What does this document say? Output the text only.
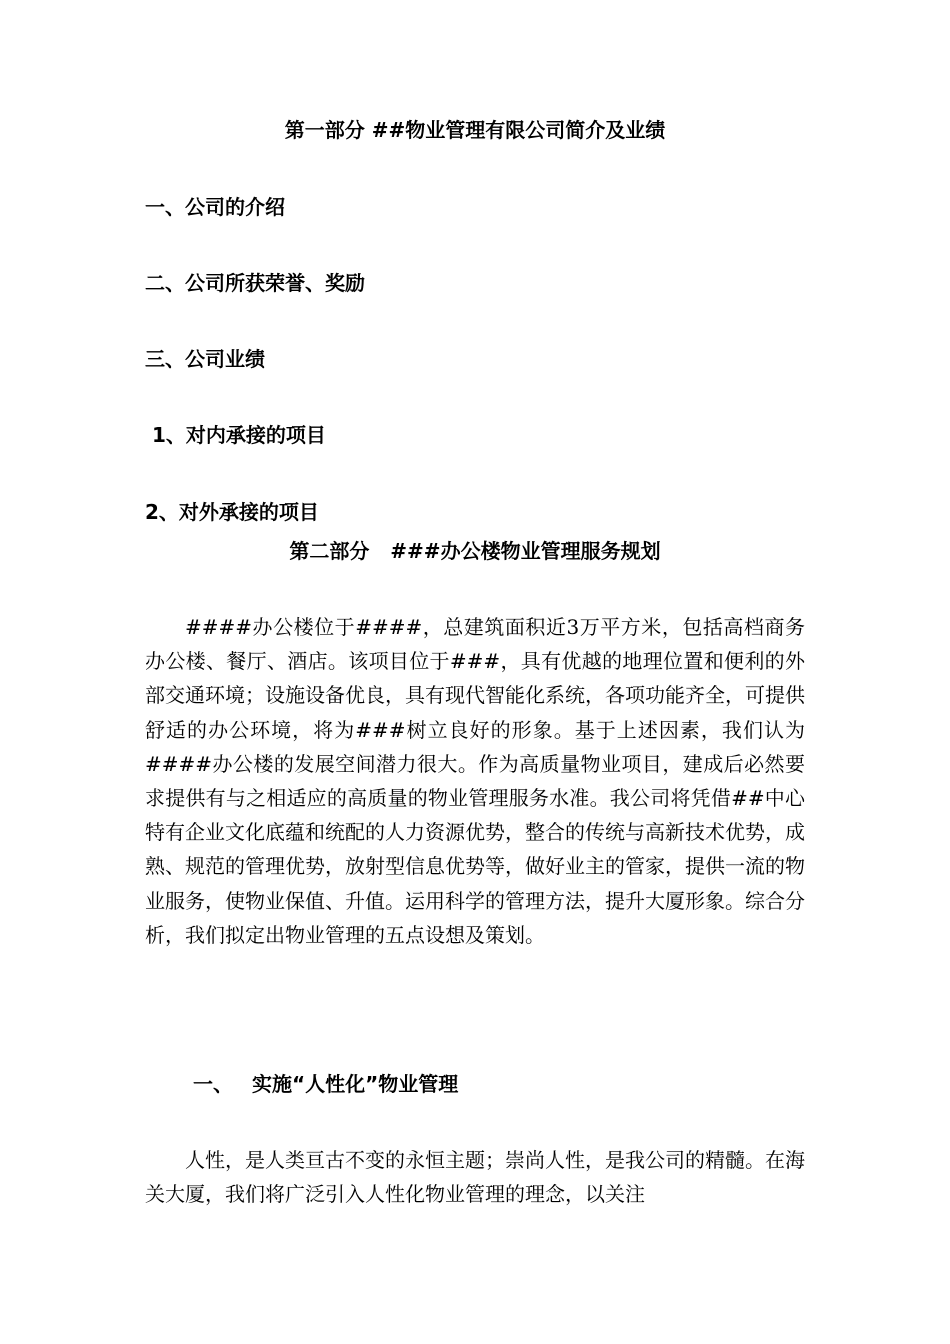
第一部分 ##物业管理有限公司简介及业绩
一、公司的介绍
二、公司所获荣誉、奖励
三、公司业绩
1、对内承接的项目
2、对外承接的项目
第二部分   ###办公楼物业管理服务规划

####办公楼位于####，总建筑面积近3万平方米，包括高档商务办公楼、餐厅、酒店。该项目位于###，具有优越的地理位置和便利的外部交通环境；设施设备优良，具有现代智能化系统，各项功能齐全，可提供舒适的办公环境，将为###树立良好的形象。基于上述因素，我们认为####办公楼的发展空间潜力很大。作为高质量物业项目，建成后必然要求提供有与之相适应的高质量的物业管理服务水准。我公司将凭借##中心特有企业文化底蕴和统配的人力资源优势，整合的传统与高新技术优势，成熟、规范的管理优势，放射型信息优势等，做好业主的管家，提供一流的物业服务，使物业保值、升值。运用科学的管理方法，提升大厦形象。综合分析，我们拟定出物业管理的五点设想及策划。

一、 实施“人性化”物业管理

人性，是人类亘古不变的永恒主题；崇尚人性，是我公司的精髓。在海关大厦，我们将广泛引入人性化物业管理的理念，以关注
